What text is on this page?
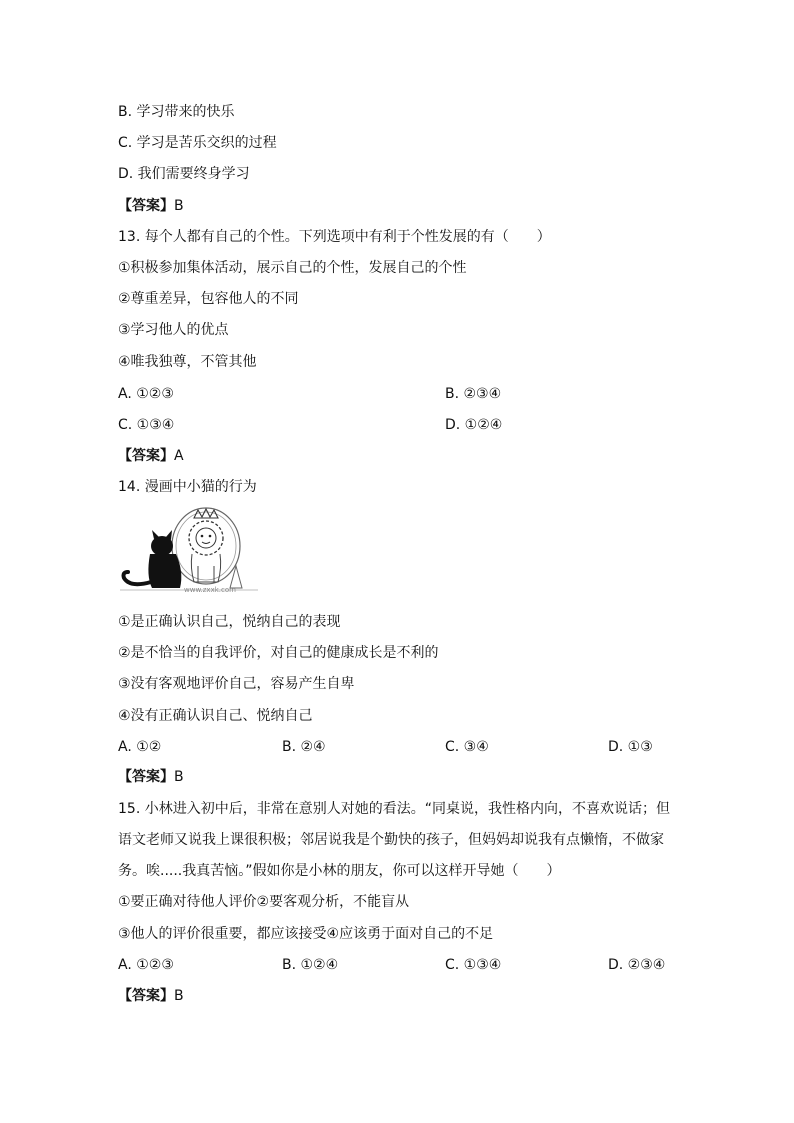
B. 学习带来的快乐
C. 学习是苦乐交织的过程
D. 我们需要终身学习
【答案】B
13. 每个人都有自己的个性。下列选项中有利于个性发展的有（　　）
①积极参加集体活动，展示自己的个性，发展自己的个性
②尊重差异，包容他人的不同
③学习他人的优点
④唯我独尊，不管其他
A. ①②③	B. ②③④
C. ①③④	D. ①②④
【答案】A
14. 漫画中小猫的行为
www.zxxk.com
①是正确认识自己，悦纳自己的表现
②是不恰当的自我评价，对自己的健康成长是不利的
③没有客观地评价自己，容易产生自卑
④没有正确认识自己、悦纳自己
A. ①②	B. ②④	C. ③④	D. ①③
【答案】B
15. 小林进入初中后，非常在意别人对她的看法。“同桌说，我性格内向，不喜欢说话；但
语文老师又说我上课很积极；邻居说我是个勤快的孩子，但妈妈却说我有点懒惰，不做家
务。唉.....我真苦恼。”假如你是小林的朋友，你可以这样开导她（　　）
①要正确对待他人评价②要客观分析，不能盲从
③他人的评价很重要，都应该接受④应该勇于面对自己的不足
A. ①②③	B. ①②④	C. ①③④	D. ②③④
【答案】B
